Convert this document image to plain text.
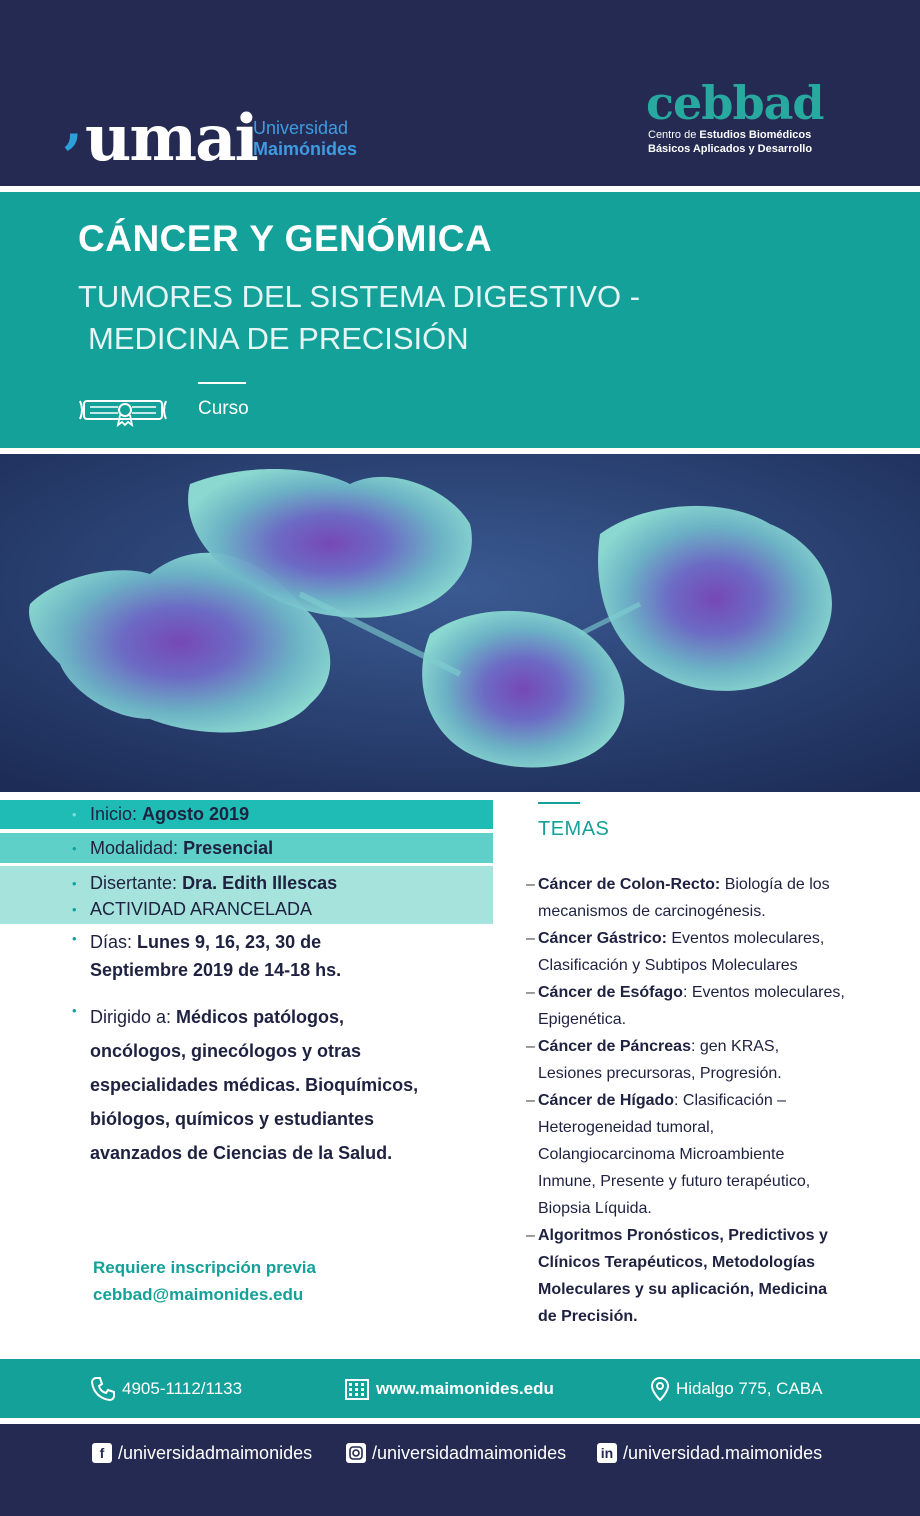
, umai
Universidad
Maimónides
cebbad
Centro de Estudios Biomédicos
Básicos Aplicados y Desarrollo
CÁNCER Y GENÓMICA
TUMORES DEL SISTEMA DIGESTIVO -
MEDICINA DE PRECISIÓN
Curso
• Inicio:
Agosto 2019
• Modalidad:
Presencial
• Disertante:
Dra. Edith Illescas
• ACTIVIDAD ARANCELADA
• Días: Lunes 9, 16, 23, 30 de
Septiembre 2019 de 14-18 hs.
• Dirigido a: Médicos patólogos,
oncólogos, ginecólogos y otras
especialidades médicas. Bioquímicos,
biólogos, químicos y estudiantes
avanzados de Ciencias de la Salud.
Requiere inscripción previa
cebbad@maimonides.edu
TEMAS
– Cáncer de Colon-Recto: Biología de los mecanismos de carcinogénesis.
– Cáncer Gástrico: Eventos moleculares, Clasificación y Subtipos Moleculares
– Cáncer de Esófago: Eventos moleculares, Epigenética.
– Cáncer de Páncreas: gen KRAS, Lesiones precursoras, Progresión.
– Cáncer de Hígado: Clasificación – Heterogeneidad tumoral, Colangiocarcinoma Microambiente Inmune, Presente y futuro terapéutico, Biopsia Líquida.
– Algoritmos Pronósticos, Predictivos y Clínicos Terapéuticos, Metodologías Moleculares y su aplicación, Medicina de Precisión.
4905-1112/1133	www.maimonides.edu	Hidalgo 775, CABA
f /universidadmaimonides	/universidadmaimonides in /universidad.maimonides
